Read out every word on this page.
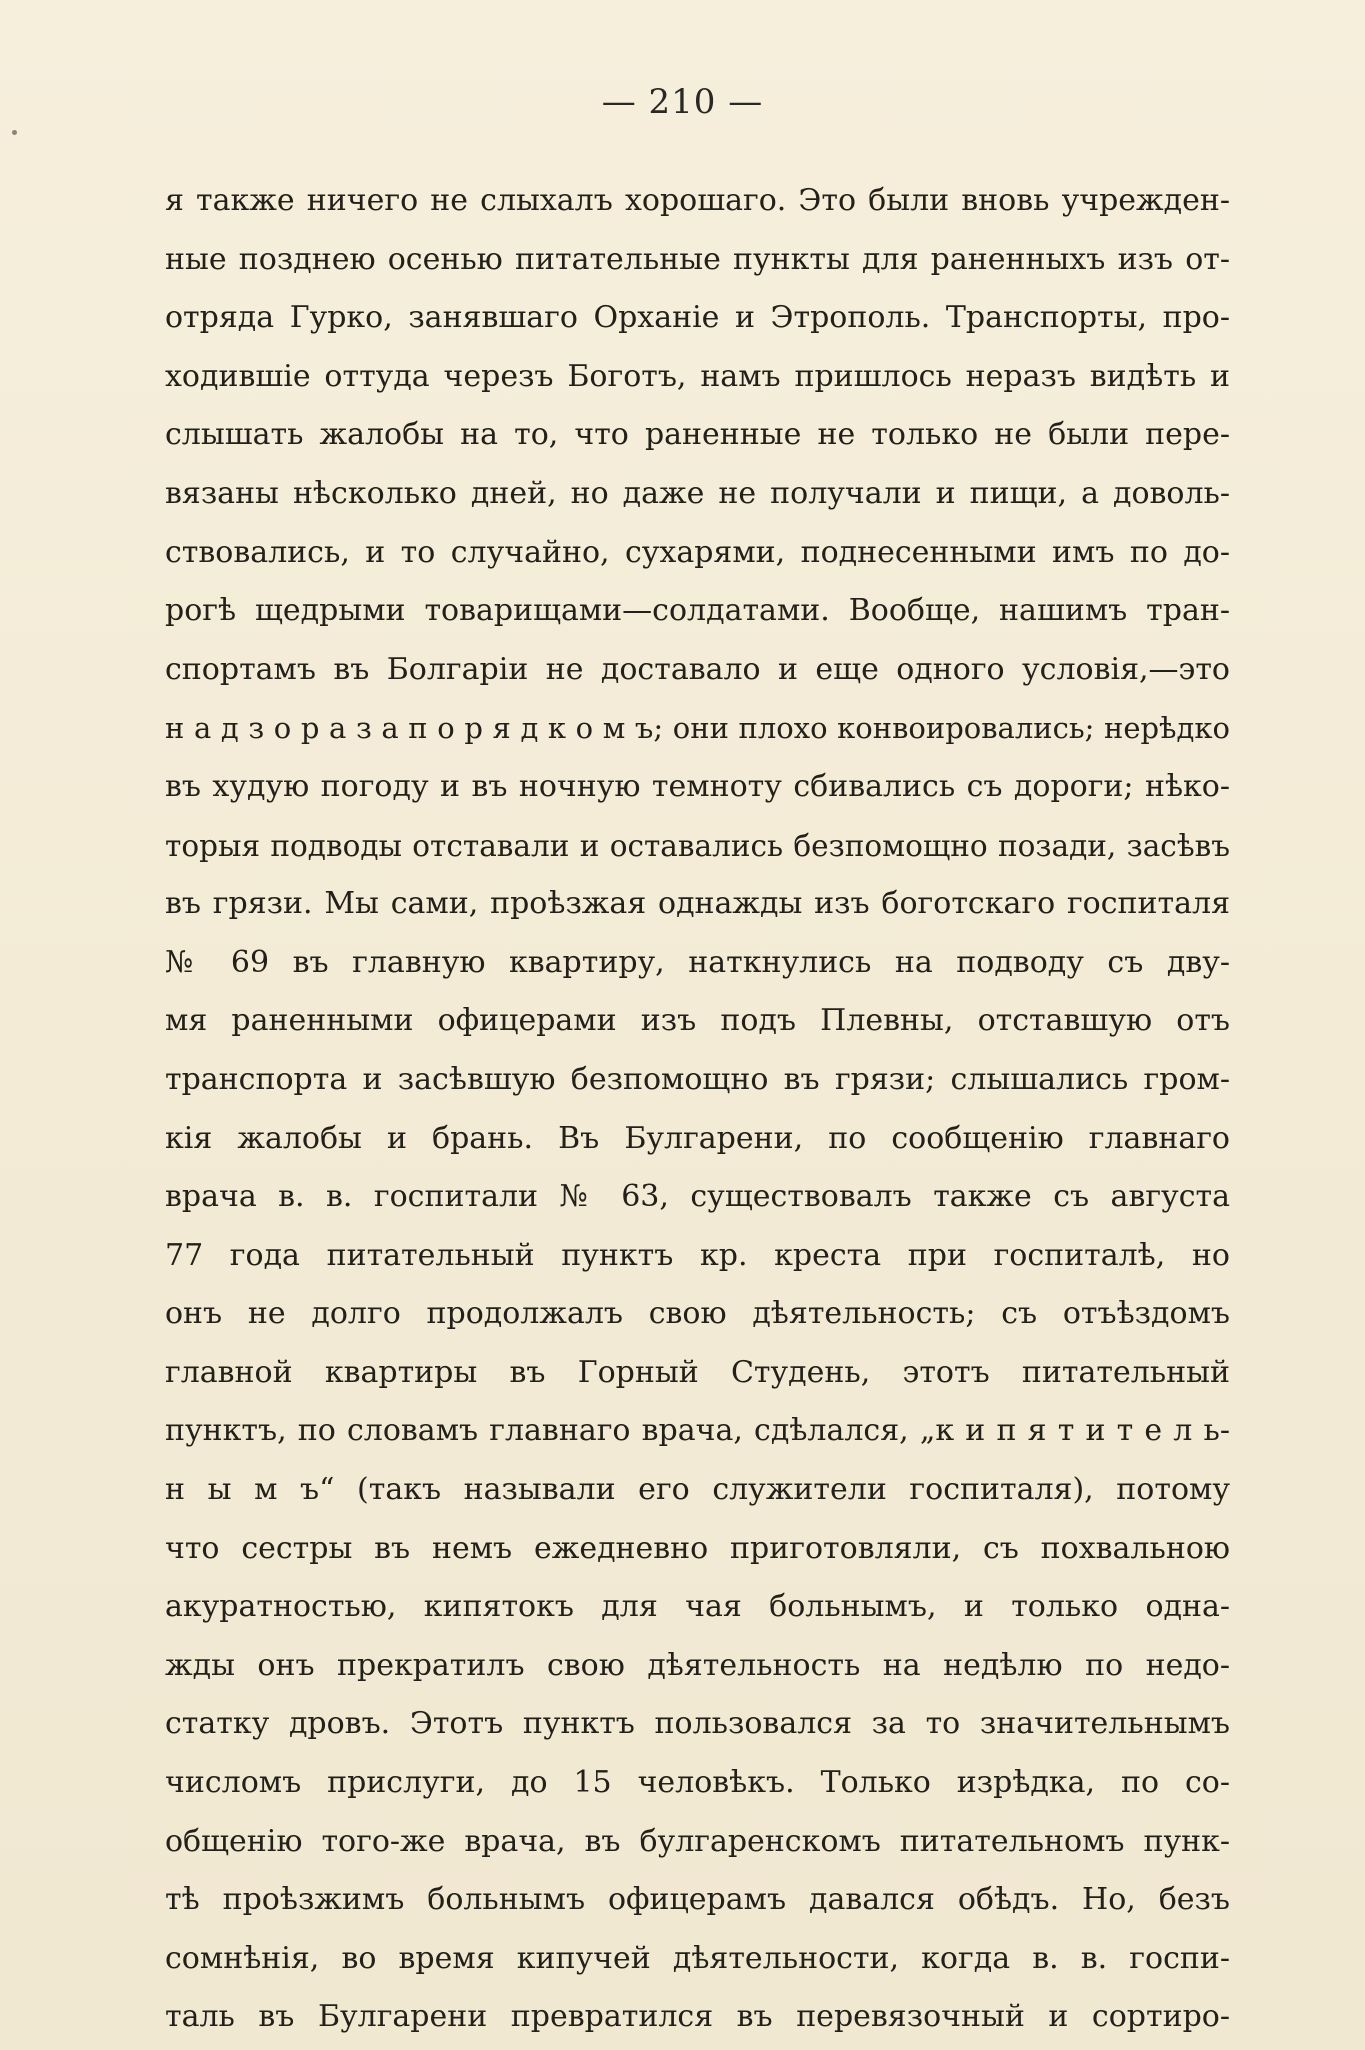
— 210 —
я также ничего не слыхалъ хорошаго. Это были вновь учрежден-
ные позднею осенью питательные пункты для раненныхъ изъ от-
отряда Гурко, занявшаго Орханіе и Этрополь. Транспорты, про-
ходившіе оттуда черезъ Боготъ, намъ пришлось неразъ видѣть и
слышать жалобы на то, что раненные не только не были пере-
вязаны нѣсколько дней, но даже не получали и пищи, а доволь-
ствовались, и то случайно, сухарями, поднесенными имъ по до-
рогѣ щедрыми товарищами—солдатами. Вообще, нашимъ тран-
спортамъ въ Болгаріи не доставало и еще одного условія,—это
н а д з о р а з а п о р я д к о м ъ; они плохо конвоировались; нерѣдко
въ худую погоду и въ ночную темноту сбивались съ дороги; нѣко-
торыя подводы отставали и оставались безпомощно позади, засѣвъ
въ грязи. Мы сами, проѣзжая однажды изъ боготскаго госпиталя
№ 69 въ главную квартиру, наткнулись на подводу съ дву-
мя раненными офицерами изъ подъ Плевны, отставшую отъ
транспорта и засѣвшую безпомощно въ грязи; слышались гром-
кія жалобы и брань. Въ Булгарени, по сообщенію главнаго
врача в. в. госпитали № 63, существовалъ также съ августа
77 года питательный пунктъ кр. креста при госпиталѣ, но
онъ не долго продолжалъ свою дѣятельность; съ отъѣздомъ
главной квартиры въ Горный Студень, этотъ питательный
пунктъ, по словамъ главнаго врача, сдѣлался, „к и п я т и т е л ь-
н ы м ъ“ (такъ называли его служители госпиталя), потому
что сестры въ немъ ежедневно приготовляли, съ похвальною
акуратностью, кипятокъ для чая больнымъ, и только одна-
жды онъ прекратилъ свою дѣятельность на недѣлю по недо-
статку дровъ. Этотъ пунктъ пользовался за то значительнымъ
числомъ прислуги, до 15 человѣкъ. Только изрѣдка, по со-
общенію того-же врача, въ булгаренскомъ питательномъ пунк-
тѣ проѣзжимъ больнымъ офицерамъ давался обѣдъ. Но, безъ
сомнѣнія, во время кипучей дѣятельности, когда в. в. госпи-
таль въ Булгарени превратился въ перевязочный и сортиро-
